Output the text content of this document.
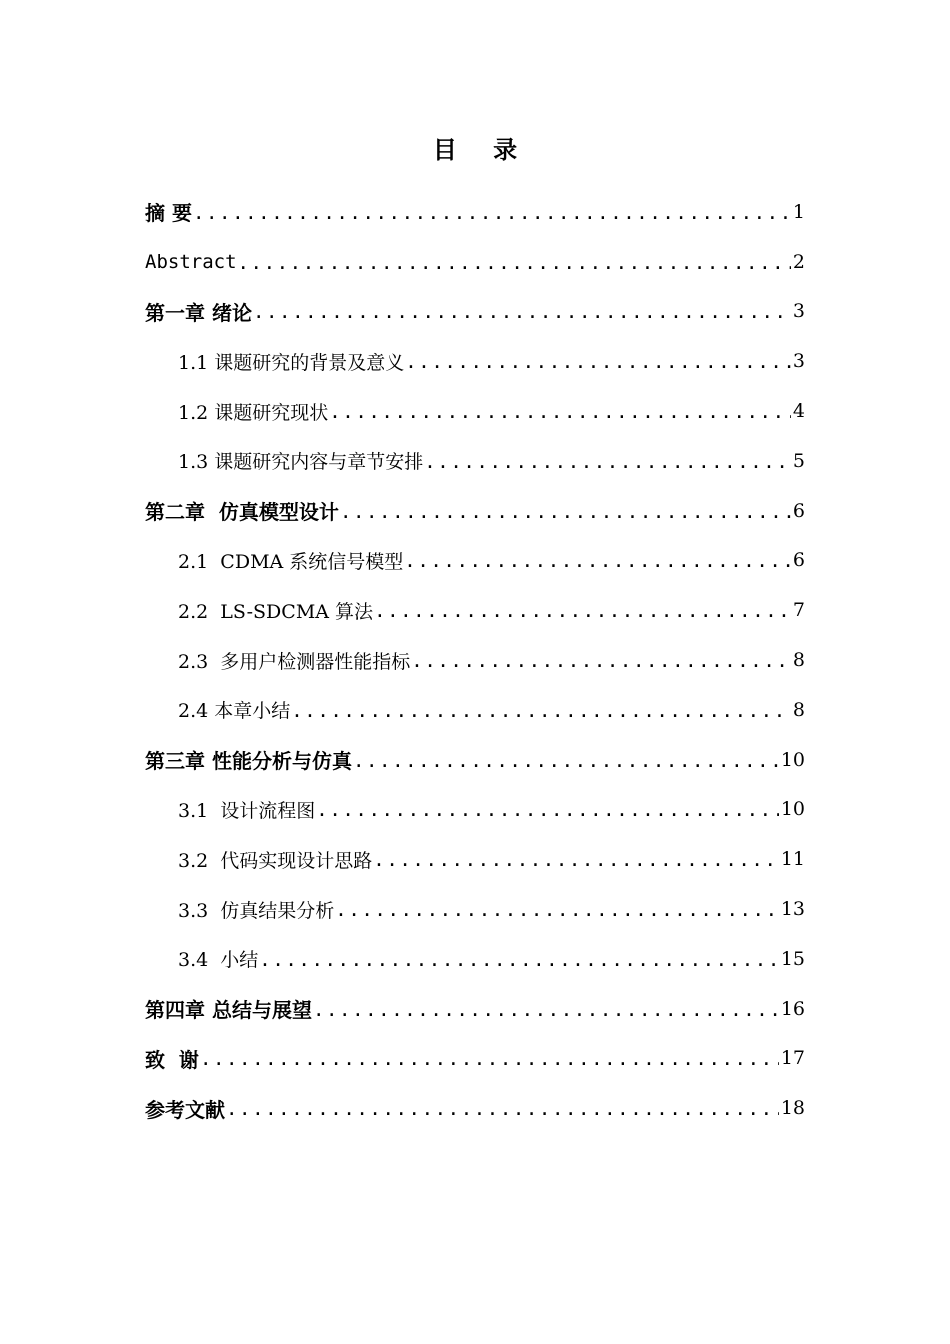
目 录
摘 要 .....	1
Abstract .....	2
第一章 绪论 .....	3
1.1 课题研究的背景及意义 .....	3
1.2 课题研究现状 .....	4
1.3 课题研究内容与章节安排 .....	5
第二章  仿真模型设计 .....	6
2.1  CDMA 系统信号模型 .....	6
2.2  LS-SDCMA 算法 .....	7
2.3  多用户检测器性能指标 .....	8
2.4 本章小结 .....	8
第三章 性能分析与仿真 .....	10
3.1  设计流程图 .....	10
3.2  代码实现设计思路 .....	11
3.3  仿真结果分析 .....	13
3.4  小结 .....	15
第四章 总结与展望 .....	16
致  谢 .....	17
参考文献 .....	18
